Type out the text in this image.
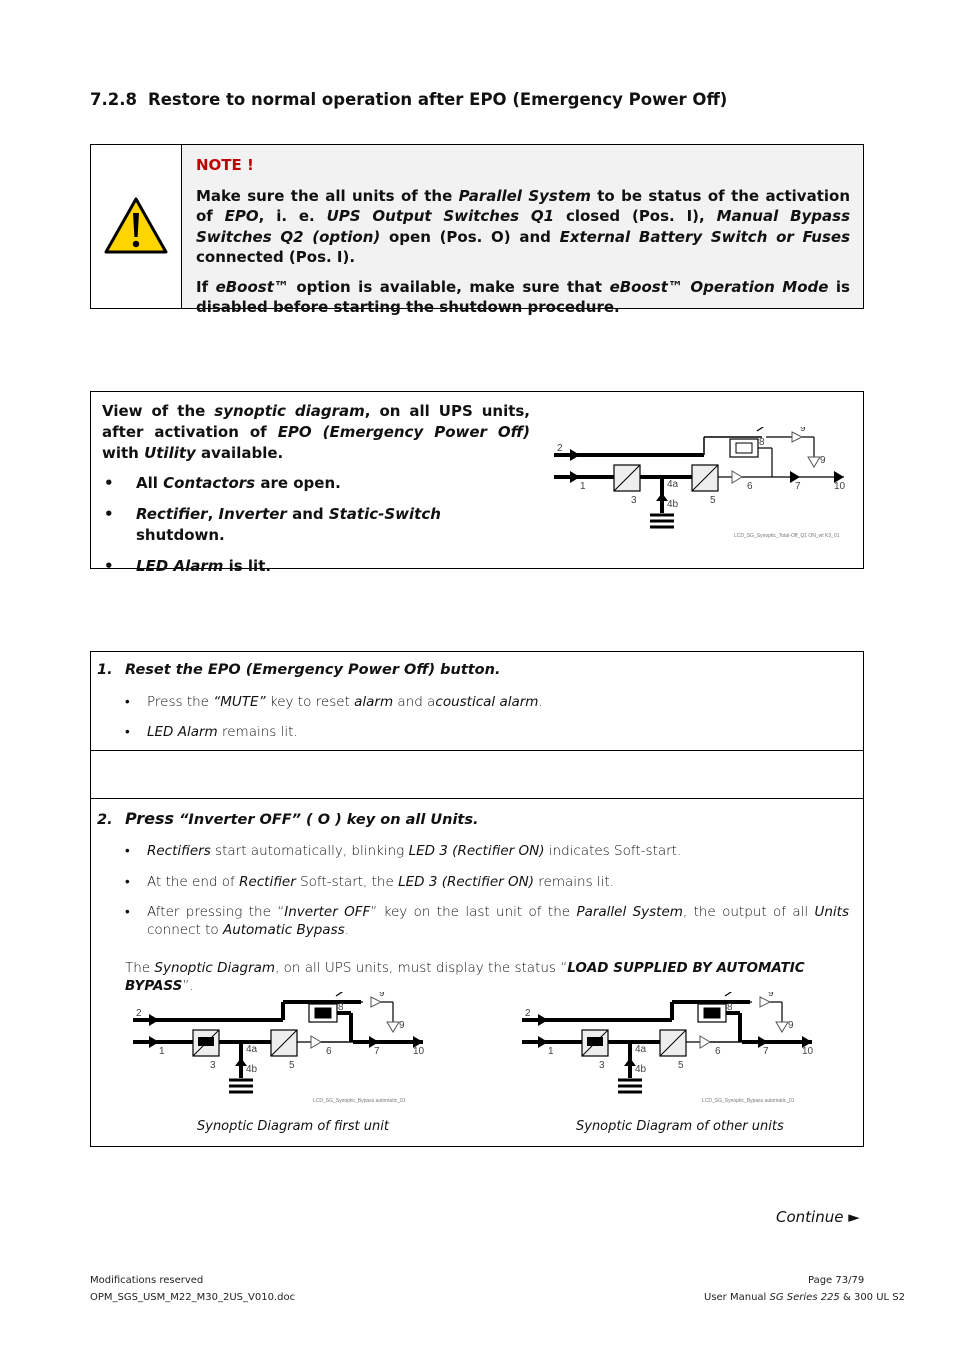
7.2.8 Restore to normal operation after EPO (Emergency Power Off)
NOTE !

Make sure the all units of the Parallel System to be status of the activation of EPO, i. e. UPS Output Switches Q1 closed (Pos. I), Manual Bypass Switches Q2 (option) open (Pos. O) and External Battery Switch or Fuses connected (Pos. I).

If eBoost™ option is available, make sure that eBoost™ Operation Mode is disabled before starting the shutdown procedure.

View of the synoptic diagram, on all UPS units, after activation of EPO (Emergency Power Off) with Utility available.

• All Contactors are open.
• Rectifier, Inverter and Static-Switch shutdown.
• LED Alarm is lit.
2
1
3
4a
4b	5
6	7
8
9
9
10
LCD_SG_Synoptic_Total-Off_Q1 ON_wt K3_01
1. Reset the EPO (Emergency Power Off) button.
• Press the “MUTE” key to reset alarm and acoustical alarm.
• LED Alarm remains lit.
2. Press “Inverter OFF” ( O ) key on all Units.
• Rectifiers start automatically, blinking LED 3 (Rectifier ON) indicates Soft-start.
• At the end of Rectifier Soft-start, the LED 3 (Rectifier ON) remains lit.
• After pressing the “Inverter OFF” key on the last unit of the Parallel System, the output of all Units connect to Automatic Bypass.
The Synoptic Diagram, on all UPS units, must display the status “LOAD SUPPLIED BY AUTOMATIC BYPASS”.
2
1
3
4a
4b	5
6	7
8
9
9
10
LCD_SG_Synoptic_Bypass automatic_01
2
1
3
4a
4b	5
6	7
8
9
9
10
LCD_SG_Synoptic_Bypass automatic_01
Synoptic Diagram of first unit	Synoptic Diagram of other units
Continue ►
Modifications reserved
OPM_SGS_USM_M22_M30_2US_V010.doc
Page 73/79
User Manual SG Series 225 & 300 UL S2
